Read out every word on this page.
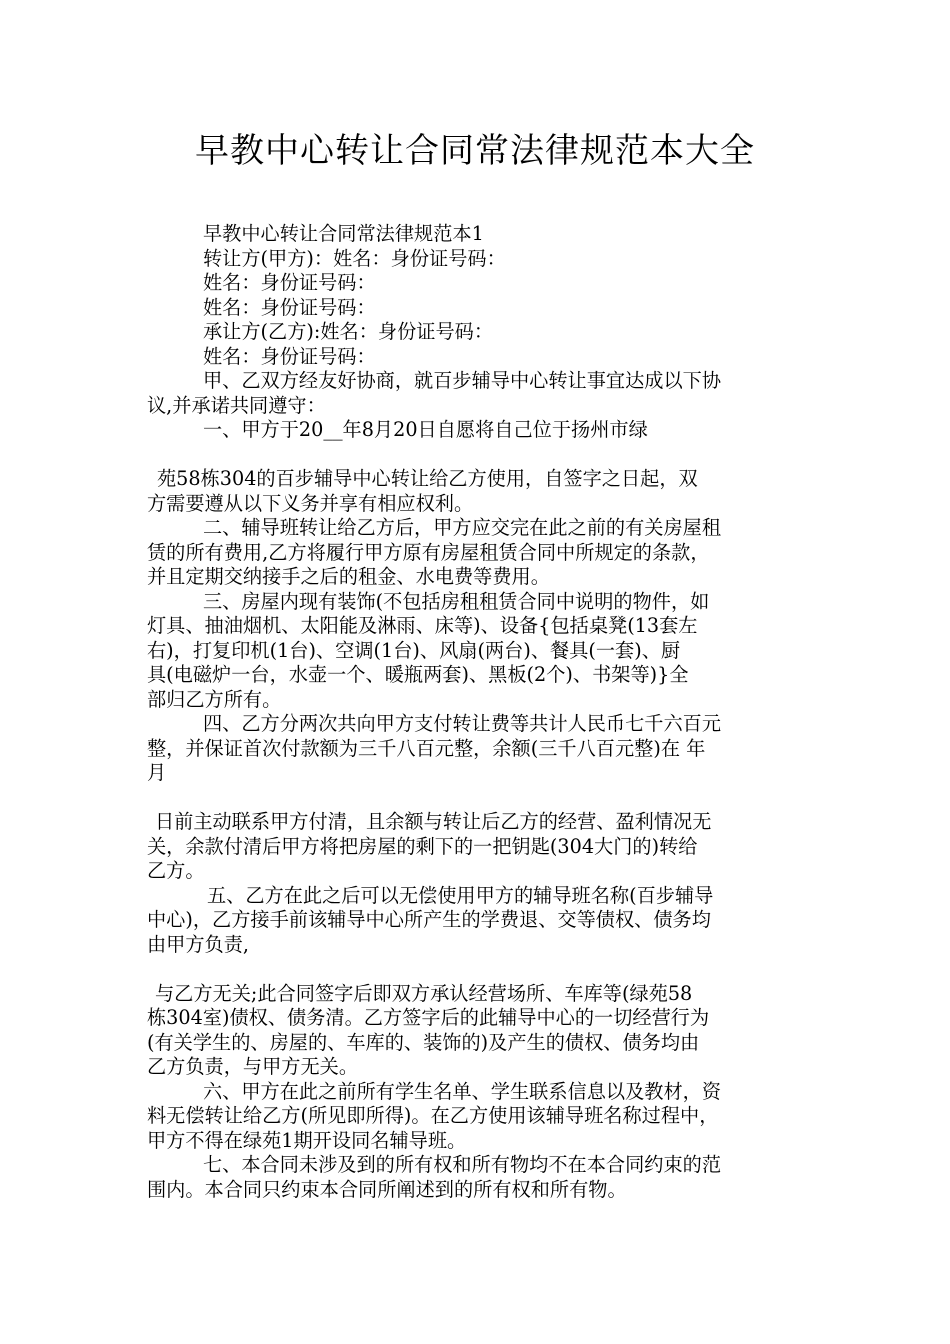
早教中心转让合同常法律规范本大全

早教中心转让合同常法律规范本1

转让方(甲方)：姓名：身份证号码：

姓名：身份证号码：

姓名：身份证号码：

承让方(乙方):姓名：身份证号码：

姓名：身份证号码：

甲、乙双方经友好协商，就百步辅导中心转让事宜达成以下协

议,并承诺共同遵守：

一、甲方于20__年8月20日自愿将自己位于扬州市绿

苑58栋304的百步辅导中心转让给乙方使用，自签字之日起，双

方需要遵从以下义务并享有相应权利。

二、辅导班转让给乙方后，甲方应交完在此之前的有关房屋租

赁的所有费用,乙方将履行甲方原有房屋租赁合同中所规定的条款，

并且定期交纳接手之后的租金、水电费等费用。

三、房屋内现有装饰(不包括房租租赁合同中说明的物件，如

灯具、抽油烟机、太阳能及淋雨、床等)、设备{包括桌凳(13套左

右)，打复印机(1台)、空调(1台)、风扇(两台)、餐具(一套)、厨

具(电磁炉一台，水壶一个、暖瓶两套)、黑板(2个)、书架等)}全

部归乙方所有。

四、乙方分两次共向甲方支付转让费等共计人民币七千六百元

整，并保证首次付款额为三千八百元整，余额(三千八百元整)在 年

月

日前主动联系甲方付清，且余额与转让后乙方的经营、盈利情况无

关，余款付清后甲方将把房屋的剩下的一把钥匙(304大门的)转给

乙方。

五、乙方在此之后可以无偿使用甲方的辅导班名称(百步辅导

中心)，乙方接手前该辅导中心所产生的学费退、交等债权、债务均

由甲方负责,

与乙方无关;此合同签字后即双方承认经营场所、车库等(绿苑58

栋304室)债权、债务清。乙方签字后的此辅导中心的一切经营行为

(有关学生的、房屋的、车库的、装饰的)及产生的债权、债务均由

乙方负责，与甲方无关。

六、甲方在此之前所有学生名单、学生联系信息以及教材，资

料无偿转让给乙方(所见即所得)。在乙方使用该辅导班名称过程中，

甲方不得在绿苑1期开设同名辅导班。

七、本合同未涉及到的所有权和所有物均不在本合同约束的范

围内。本合同只约束本合同所阐述到的所有权和所有物。
